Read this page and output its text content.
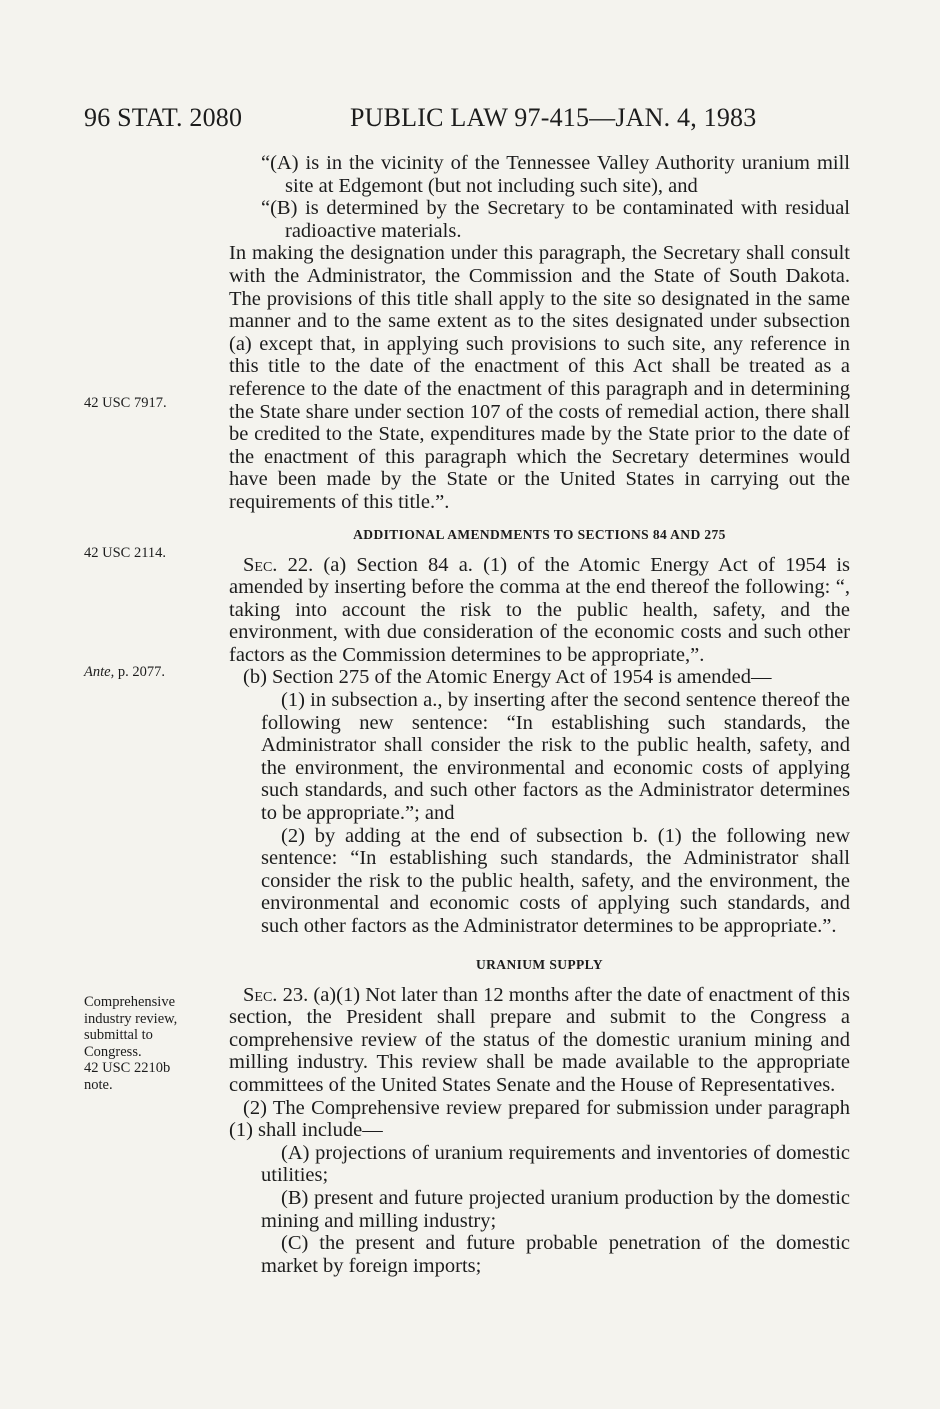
96 STAT. 2080	PUBLIC LAW 97-415—JAN. 4, 1983

42 USC 7917.

42 USC 2114.

Ante, p. 2077.

Comprehensive

industry review,

submittal to

Congress.

42 USC 2210b

note.

“(A) is in the vicinity of the Tennessee Valley Authority uranium mill site at Edgemont (but not including such site), and

“(B) is determined by the Secretary to be contaminated with residual radioactive materials.

In making the designation under this paragraph, the Secretary shall consult with the Administrator, the Commission and the State of South Dakota. The provisions of this title shall apply to the site so designated in the same manner and to the same extent as to the sites designated under subsection (a) except that, in applying such provisions to such site, any reference in this title to the date of the enactment of this Act shall be treated as a reference to the date of the enactment of this paragraph and in determining the State share under section 107 of the costs of remedial action, there shall be credited to the State, expenditures made by the State prior to the date of the enactment of this paragraph which the Secretary determines would have been made by the State or the United States in carrying out the requirements of this title.”.

ADDITIONAL AMENDMENTS TO SECTIONS 84 AND 275

Sec. 22. (a) Section 84 a. (1) of the Atomic Energy Act of 1954 is amended by inserting before the comma at the end thereof the following: “, taking into account the risk to the public health, safety, and the environment, with due consideration of the economic costs and such other factors as the Commission determines to be appropriate,”.

(b) Section 275 of the Atomic Energy Act of 1954 is amended—

(1) in subsection a., by inserting after the second sentence thereof the following new sentence: “In establishing such standards, the Administrator shall consider the risk to the public health, safety, and the environment, the environmental and economic costs of applying such standards, and such other factors as the Administrator determines to be appropriate.”; and

(2) by adding at the end of subsection b. (1) the following new sentence: “In establishing such standards, the Administrator shall consider the risk to the public health, safety, and the environment, the environmental and economic costs of applying such standards, and such other factors as the Administrator determines to be appropriate.”.

URANIUM SUPPLY

Sec. 23. (a)(1) Not later than 12 months after the date of enactment of this section, the President shall prepare and submit to the Congress a comprehensive review of the status of the domestic uranium mining and milling industry. This review shall be made available to the appropriate committees of the United States Senate and the House of Representatives.

(2) The Comprehensive review prepared for submission under paragraph (1) shall include—

(A) projections of uranium requirements and inventories of domestic utilities;

(B) present and future projected uranium production by the domestic mining and milling industry;

(C) the present and future probable penetration of the domestic market by foreign imports;
